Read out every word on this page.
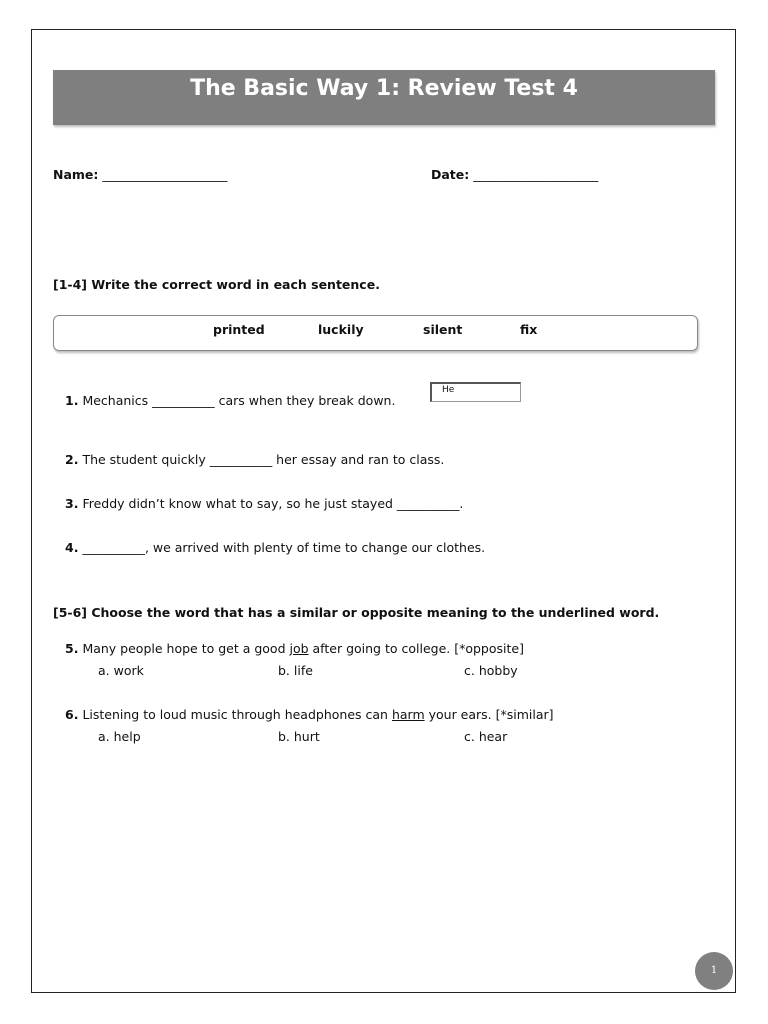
The Basic Way 1: Review Test 4
Name: ____________________	Date: ____________________
[1-4] Write the correct word in each sentence.
printed	luckily	silent	fix
1. Mechanics __________ cars when they break down.
He
2. The student quickly __________ her essay and ran to class.
3. Freddy didn’t know what to say, so he just stayed __________.
4. __________, we arrived with plenty of time to change our clothes.
[5-6] Choose the word that has a similar or opposite meaning to the underlined word.
5. Many people hope to get a good job after going to college. [*opposite]
a. work	b. life	c. hobby
6. Listening to loud music through headphones can harm your ears. [*similar]
a. help	b. hurt	c. hear
1
